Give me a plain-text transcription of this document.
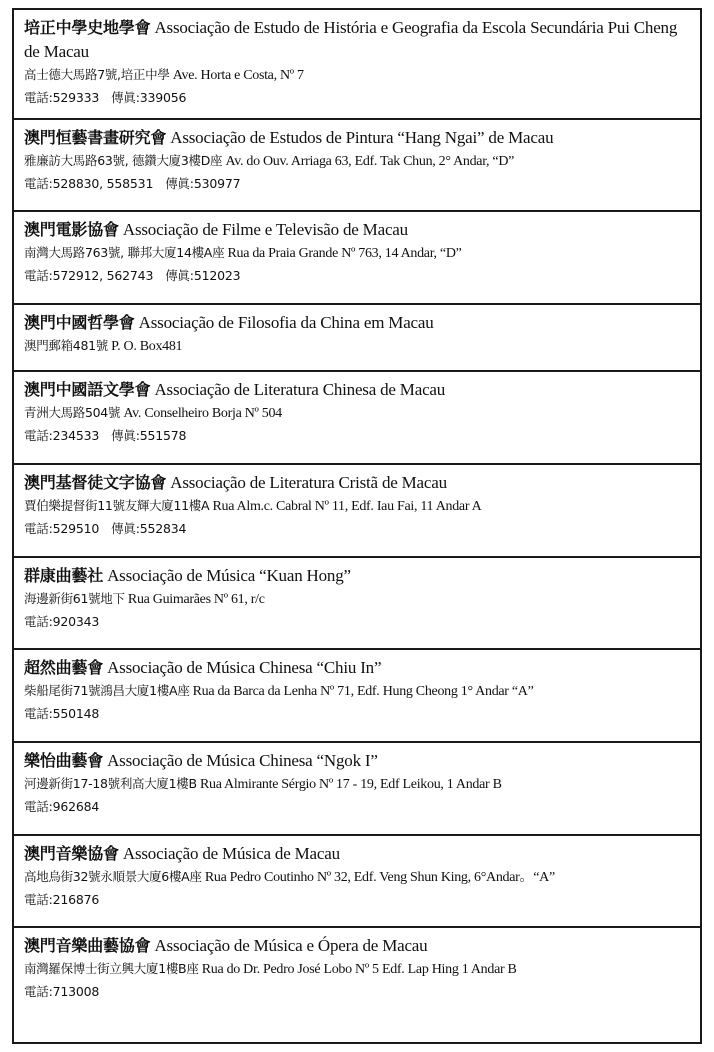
培正中學史地學會 Associação de Estudo de História e Geografia da Escola Secundária Pui Cheng de Macau
高士德大馬路7號,培正中學 Ave. Horta e Costa, Nº 7
電話:529333 傳眞:339056
澳門恒藝書畫研究會 Associação de Estudos de Pintura “Hang Ngai” de Macau
雅廉訪大馬路63號, 德鑽大廈3樓D座 Av. do Ouv. Arriaga 63, Edf. Tak Chun, 2° Andar, “D”
電話:528830, 558531 傳眞:530977
澳門電影協會 Associação de Filme e Televisão de Macau
南灣大馬路763號, 聯邦大廈14樓A座 Rua da Praia Grande Nº 763, 14 Andar, “D”
電話:572912, 562743 傳眞:512023
澳門中國哲學會 Associação de Filosofia da China em Macau
澳門郵箱481號 P. O. Box481
澳門中國語文學會 Associação de Literatura Chinesa de Macau
青洲大馬路504號 Av. Conselheiro Borja Nº 504
電話:234533 傳眞:551578
澳門基督徒文字協會 Associação de Literatura Cristã de Macau
賈伯樂提督街11號友輝大廈11樓A Rua Alm.c. Cabral Nº 11, Edf. Iau Fai, 11 Andar A
電話:529510 傳眞:552834
群康曲藝社 Associação de Música “Kuan Hong”
海邊新街61號地下 Rua Guimarães Nº 61, r/c
電話:920343
超然曲藝會 Associação de Música Chinesa “Chiu In”
柴船尾街71號鴻昌大廈1樓A座 Rua da Barca da Lenha Nº 71, Edf. Hung Cheong 1° Andar “A”
電話:550148
樂怡曲藝會 Associação de Música Chinesa “Ngok I”
河邊新街17-18號利高大廈1樓B Rua Almirante Sérgio Nº 17 - 19, Edf Leikou, 1 Andar B
電話:962684
澳門音樂協會 Associação de Música de Macau
高地烏街32號永順景大廈6樓A座 Rua Pedro Coutinho Nº 32, Edf. Veng Shun King, 6°Andar。“A”
電話:216876
澳門音樂曲藝協會 Associação de Música e Ópera de Macau
南灣羅保博士街立興大廈1樓B座 Rua do Dr. Pedro José Lobo Nº 5 Edf. Lap Hing 1 Andar B
電話:713008
